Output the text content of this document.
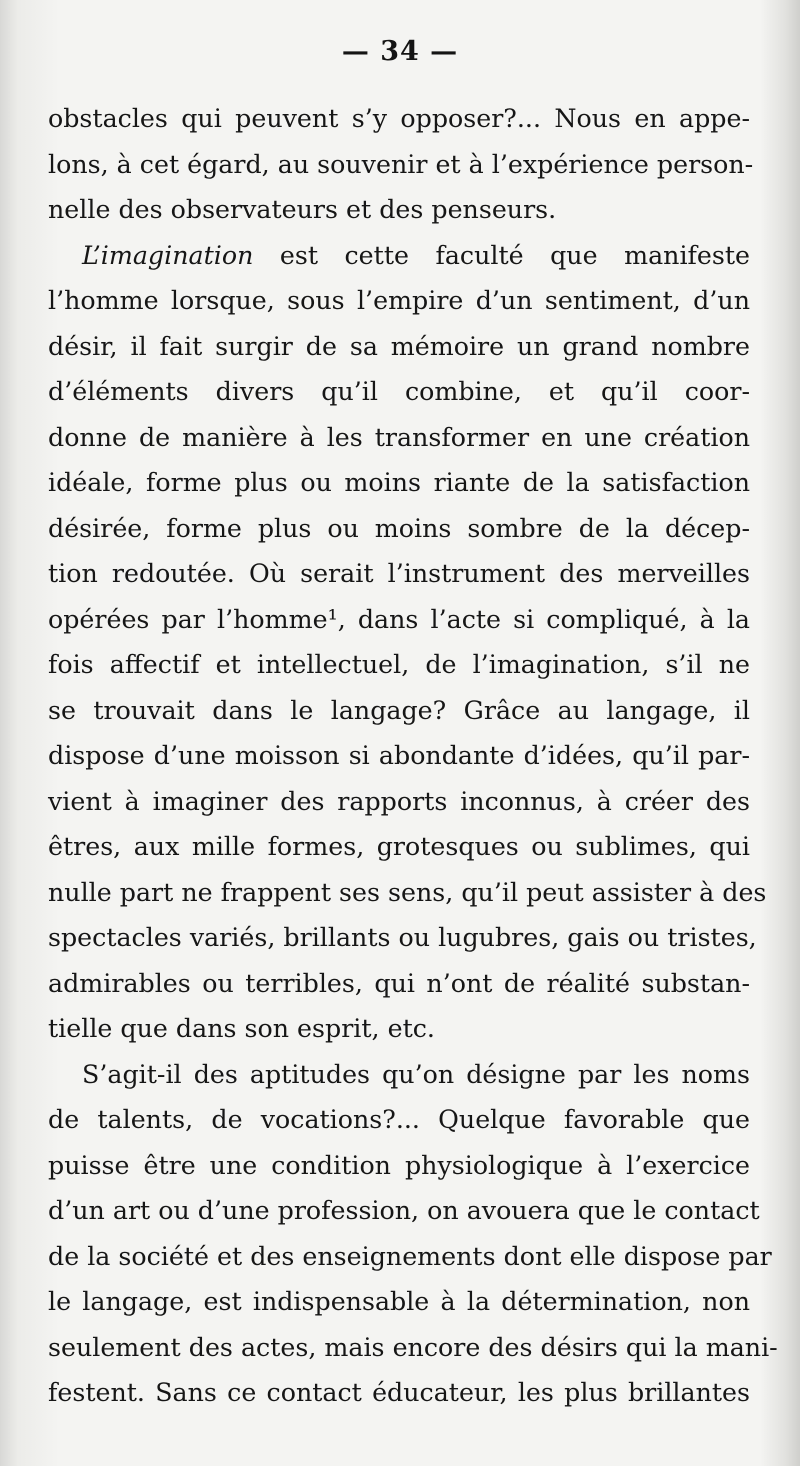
— 34 —
obstacles qui peuvent s’y opposer?... Nous en appe-
lons, à cet égard, au souvenir et à l’expérience person-
nelle des observateurs et des penseurs.
L’imagination est cette faculté que manifeste
l’homme lorsque, sous l’empire d’un sentiment, d’un
désir, il fait surgir de sa mémoire un grand nombre
d’éléments divers qu’il combine, et qu’il coor-
donne de manière à les transformer en une création
idéale, forme plus ou moins riante de la satisfaction
désirée, forme plus ou moins sombre de la décep-
tion redoutée. Où serait l’instrument des merveilles
opérées par l’homme¹, dans l’acte si compliqué, à la
fois affectif et intellectuel, de l’imagination, s’il ne
se trouvait dans le langage? Grâce au langage, il
dispose d’une moisson si abondante d’idées, qu’il par-
vient à imaginer des rapports inconnus, à créer des
êtres, aux mille formes, grotesques ou sublimes, qui
nulle part ne frappent ses sens, qu’il peut assister à des
spectacles variés, brillants ou lugubres, gais ou tristes,
admirables ou terribles, qui n’ont de réalité substan-
tielle que dans son esprit, etc.
S’agit-il des aptitudes qu’on désigne par les noms
de talents, de vocations?... Quelque favorable que
puisse être une condition physiologique à l’exercice
d’un art ou d’une profession, on avouera que le contact
de la société et des enseignements dont elle dispose par
le langage, est indispensable à la détermination, non
seulement des actes, mais encore des désirs qui la mani-
festent. Sans ce contact éducateur, les plus brillantes
